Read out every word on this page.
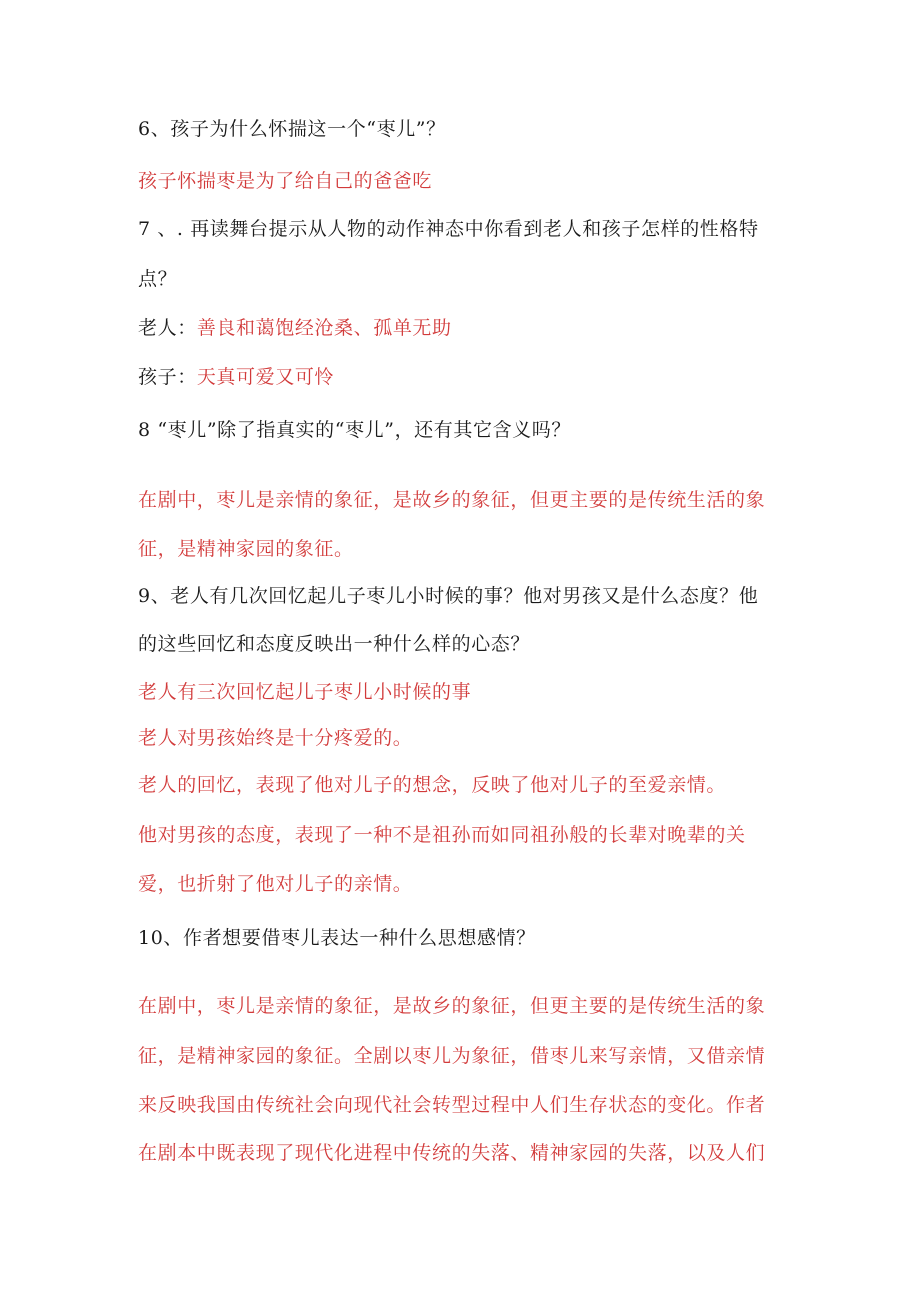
6、孩子为什么怀揣这一个“枣儿”？
孩子怀揣枣是为了给自己的爸爸吃
7 、. 再读舞台提示从人物的动作神态中你看到老人和孩子怎样的性格特
点？
老人：善良和蔼饱经沧桑、孤单无助
孩子：天真可爱又可怜
8 “枣儿”除了指真实的“枣儿”，还有其它含义吗？
在剧中，枣儿是亲情的象征，是故乡的象征，但更主要的是传统生活的象
征，是精神家园的象征。
9、老人有几次回忆起儿子枣儿小时候的事？他对男孩又是什么态度？他
的这些回忆和态度反映出一种什么样的心态？
老人有三次回忆起儿子枣儿小时候的事
老人对男孩始终是十分疼爱的。
老人的回忆，表现了他对儿子的想念，反映了他对儿子的至爱亲情。
他对男孩的态度，表现了一种不是祖孙而如同祖孙般的长辈对晚辈的关
爱，也折射了他对儿子的亲情。
10、作者想要借枣儿表达一种什么思想感情？
在剧中，枣儿是亲情的象征，是故乡的象征，但更主要的是传统生活的象
征，是精神家园的象征。全剧以枣儿为象征，借枣儿来写亲情，又借亲情
来反映我国由传统社会向现代社会转型过程中人们生存状态的变化。作者
在剧本中既表现了现代化进程中传统的失落、精神家园的失落，以及人们
